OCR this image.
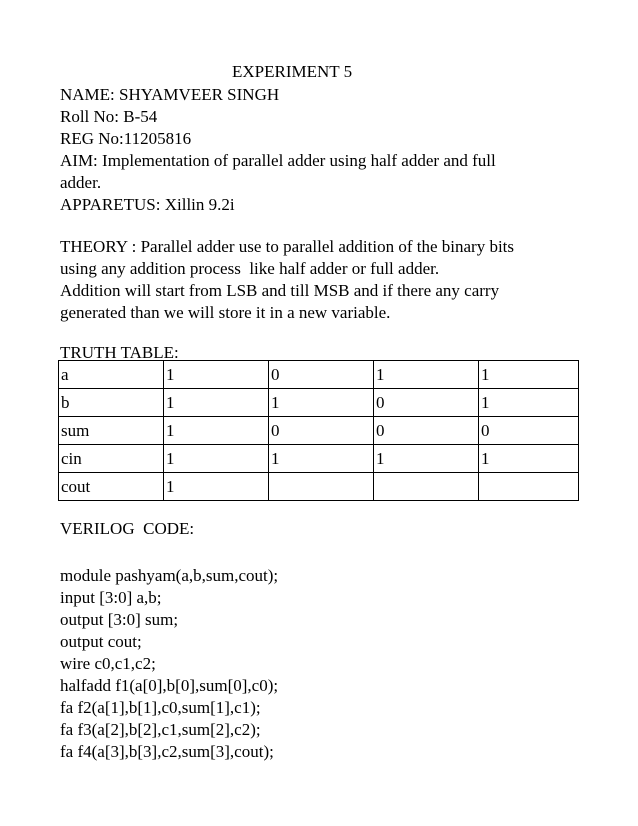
EXPERIMENT 5
NAME: SHYAMVEER SINGH
Roll No: B-54
REG No:11205816
AIM: Implementation of parallel adder using half adder and full
adder.
APPARETUS: Xillin 9.2i
THEORY : Parallel adder use to parallel addition of the binary bits
using any addition process  like half adder or full adder.
Addition will start from LSB and till MSB and if there any carry
generated than we will store it in a new variable.
TRUTH TABLE:
a	1	0	1	1
b	1	1	0	1
sum	1	0	0	0
cin	1	1	1	1
cout	1			
VERILOG  CODE:
module pashyam(a,b,sum,cout);
input [3:0] a,b;
output [3:0] sum;
output cout;
wire c0,c1,c2;
halfadd f1(a[0],b[0],sum[0],c0);
fa f2(a[1],b[1],c0,sum[1],c1);
fa f3(a[2],b[2],c1,sum[2],c2);
fa f4(a[3],b[3],c2,sum[3],cout);
